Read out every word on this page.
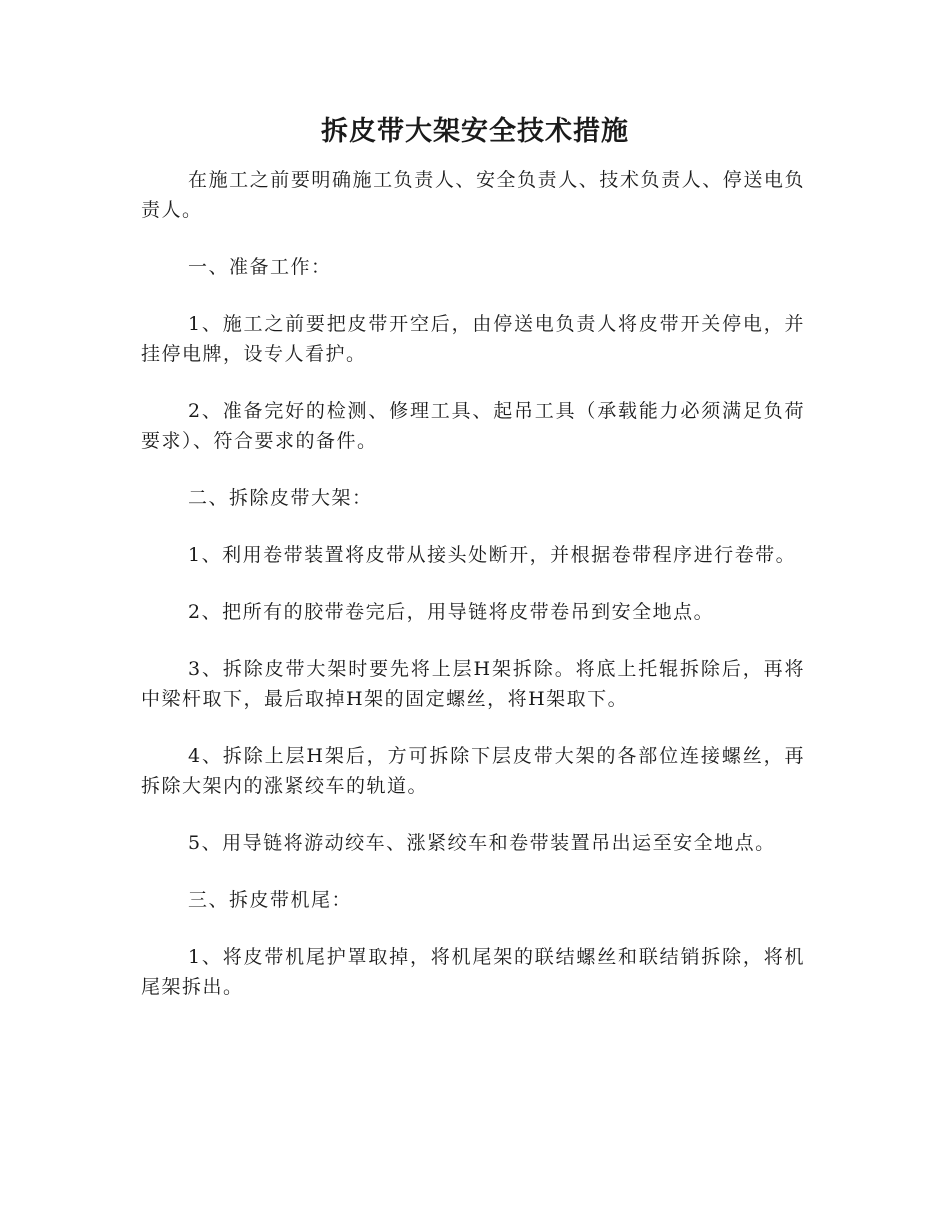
拆皮带大架安全技术措施

在施工之前要明确施工负责人、安全负责人、技术负责人、停送电负责人。

一、准备工作：

1、施工之前要把皮带开空后，由停送电负责人将皮带开关停电，并挂停电牌，设专人看护。

2、准备完好的检测、修理工具、起吊工具（承载能力必须满足负荷要求）、符合要求的备件。

二、拆除皮带大架：

1、利用卷带装置将皮带从接头处断开，并根据卷带程序进行卷带。

2、把所有的胶带卷完后，用导链将皮带卷吊到安全地点。

3、拆除皮带大架时要先将上层H架拆除。将底上托辊拆除后，再将中梁杆取下，最后取掉H架的固定螺丝，将H架取下。

4、拆除上层H架后，方可拆除下层皮带大架的各部位连接螺丝，再拆除大架内的涨紧绞车的轨道。

5、用导链将游动绞车、涨紧绞车和卷带装置吊出运至安全地点。

三、拆皮带机尾：

1、将皮带机尾护罩取掉，将机尾架的联结螺丝和联结销拆除，将机尾架拆出。
